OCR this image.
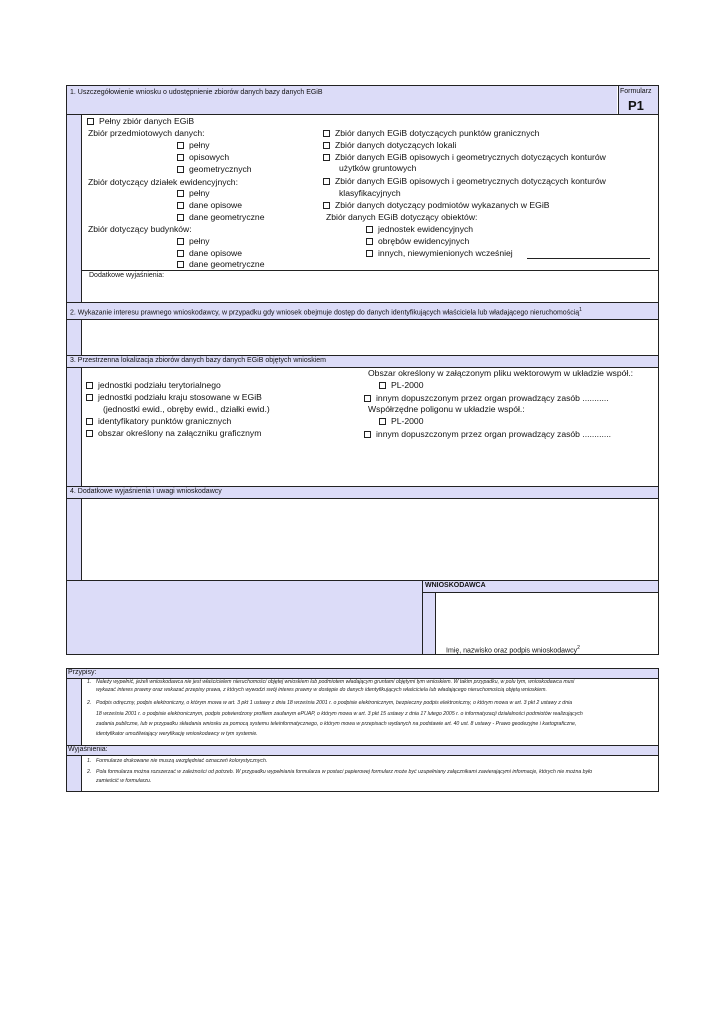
1. Uszczegółowienie wniosku o udostępnienie zbiorów danych bazy danych EGiB	Formularz
P1
Pełny zbiór danych EGiB
Zbiór przedmiotowych danych:
pełny
opisowych
geometrycznych
Zbiór dotyczący działek ewidencyjnych:
pełny
dane opisowe
dane geometryczne
Zbiór dotyczący budynków:
pełny
dane opisowe
dane geometryczne
Zbiór danych EGiB dotyczących punktów granicznych
Zbiór danych dotyczących lokali
Zbiór danych EGiB opisowych i geometrycznych dotyczących konturów
użytków gruntowych
Zbiór danych EGiB opisowych i geometrycznych dotyczących konturów
klasyfikacyjnych
Zbiór danych dotyczący podmiotów wykazanych w EGiB
Zbiór danych EGiB dotyczący obiektów:
jednostek ewidencyjnych
obrębów ewidencyjnych
innych, niewymienionych wcześniej
Dodatkowe wyjaśnienia:
2. Wykazanie interesu prawnego wnioskodawcy, w przypadku gdy wniosek obejmuje dostęp do danych identyfikujących właściciela lub władającego nieruchomością$^1$
3. Przestrzenna lokalizacja zbiorów danych bazy danych EGiB objętych wnioskiem
jednostki podziału terytorialnego
jednostki podziału kraju stosowane w EGiB
(jednostki ewid., obręby ewid., działki ewid.)
identyfikatory punktów granicznych
obszar określony na załączniku graficznym
Obszar określony w załączonym pliku wektorowym w układzie współ.:
PL-2000
innym dopuszczonym przez organ prowadzący zasób ...........
Współrzędne poligonu w układzie współ.:
PL-2000
innym dopuszczonym przez organ prowadzący zasób ............
4. Dodatkowe wyjaśnienia i uwagi wnioskodawcy
WNIOSKODAWCA
Imię, nazwisko oraz podpis wnioskodawcy$^2$
Przypisy:
1. Należy wypełnić, jeżeli wnioskodawca nie jest właścicielem nieruchomości objętej wnioskiem lub podmiotem władającym gruntami objętymi tym wnioskiem. W takim przypadku, w polu tym, wnioskodawca musi
wykazać interes prawny oraz wskazać przepisy prawa, z których wywodzi swój interes prawny w dostępie do danych identyfikujących właściciela lub władającego nieruchomością objętą wnioskiem.
2. Podpis odręczny, podpis elektroniczny, o którym mowa w art. 3 pkt 1 ustawy z dnia 18 września 2001 r. o podpisie elektronicznym, bezpieczny podpis elektroniczny, o którym mowa w art. 3 pkt 2 ustawy z dnia
18 września 2001 r. o podpisie elektronicznym, podpis potwierdzony profilem zaufanym ePUAP, o którym mowa w art. 3 pkt 15 ustawy z dnia 17 lutego 2005 r. o informatyzacji działalności podmiotów realizujących
zadania publiczne, lub w przypadku składania wniosku za pomocą systemu teleinformatycznego, o którym mowa w przepisach wydanych na podstawie art. 40 ust. 8 ustawy - Prawo geodezyjne i kartograficzne,
identyfikator umożliwiający weryfikację wnioskodawcy w tym systemie.
Wyjaśnienia:
1. Formularze drukowane nie muszą uwzględniać oznaczeń kolorystycznych.
2. Pola formularza można rozszerzać w zależności od potrzeb. W przypadku wypełniania formularza w postaci papierowej formularz może być uzupełniany załącznikami zawierającymi informacje, których nie można było
zamieścić w formularzu.
